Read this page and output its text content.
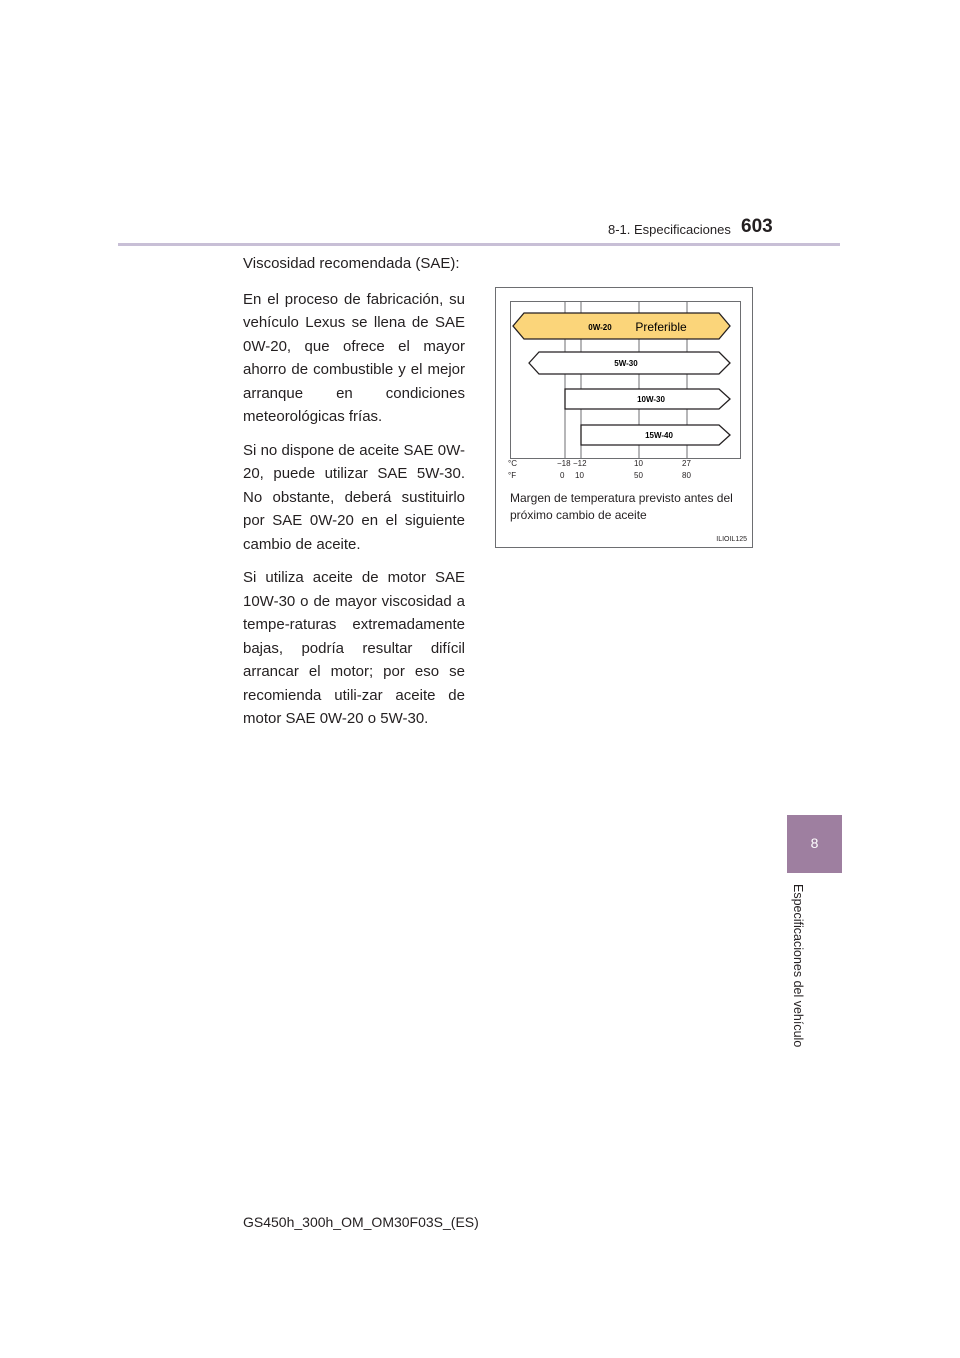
8-1. Especificaciones 603
8
Especificaciones del vehículo

Viscosidad recomendada (SAE):

En el proceso de fabricación, su vehículo Lexus se llena de SAE 0W-20, que ofrece el mayor ahorro de combustible y el mejor arranque en condiciones meteorológicas frías.

Si no dispone de aceite SAE 0W-20, puede utilizar SAE 5W-30. No obstante, deberá sustituirlo por SAE 0W-20 en el siguiente cambio de aceite.

Si utiliza aceite de motor SAE 10W-30 o de mayor viscosidad a tempe-raturas extremadamente bajas, podría resultar difícil arrancar el motor; por eso se recomienda utili-zar aceite de motor SAE 0W-20 o 5W-30.

0W-20 Preferible
5W-30
10W-30
15W-40
°C
°F
−18 −12	10	27
0 10	50	80
Margen de temperatura previsto antes del próximo cambio de aceite
ILIOIL125
GS450h_300h_OM_OM30F03S_(ES)
